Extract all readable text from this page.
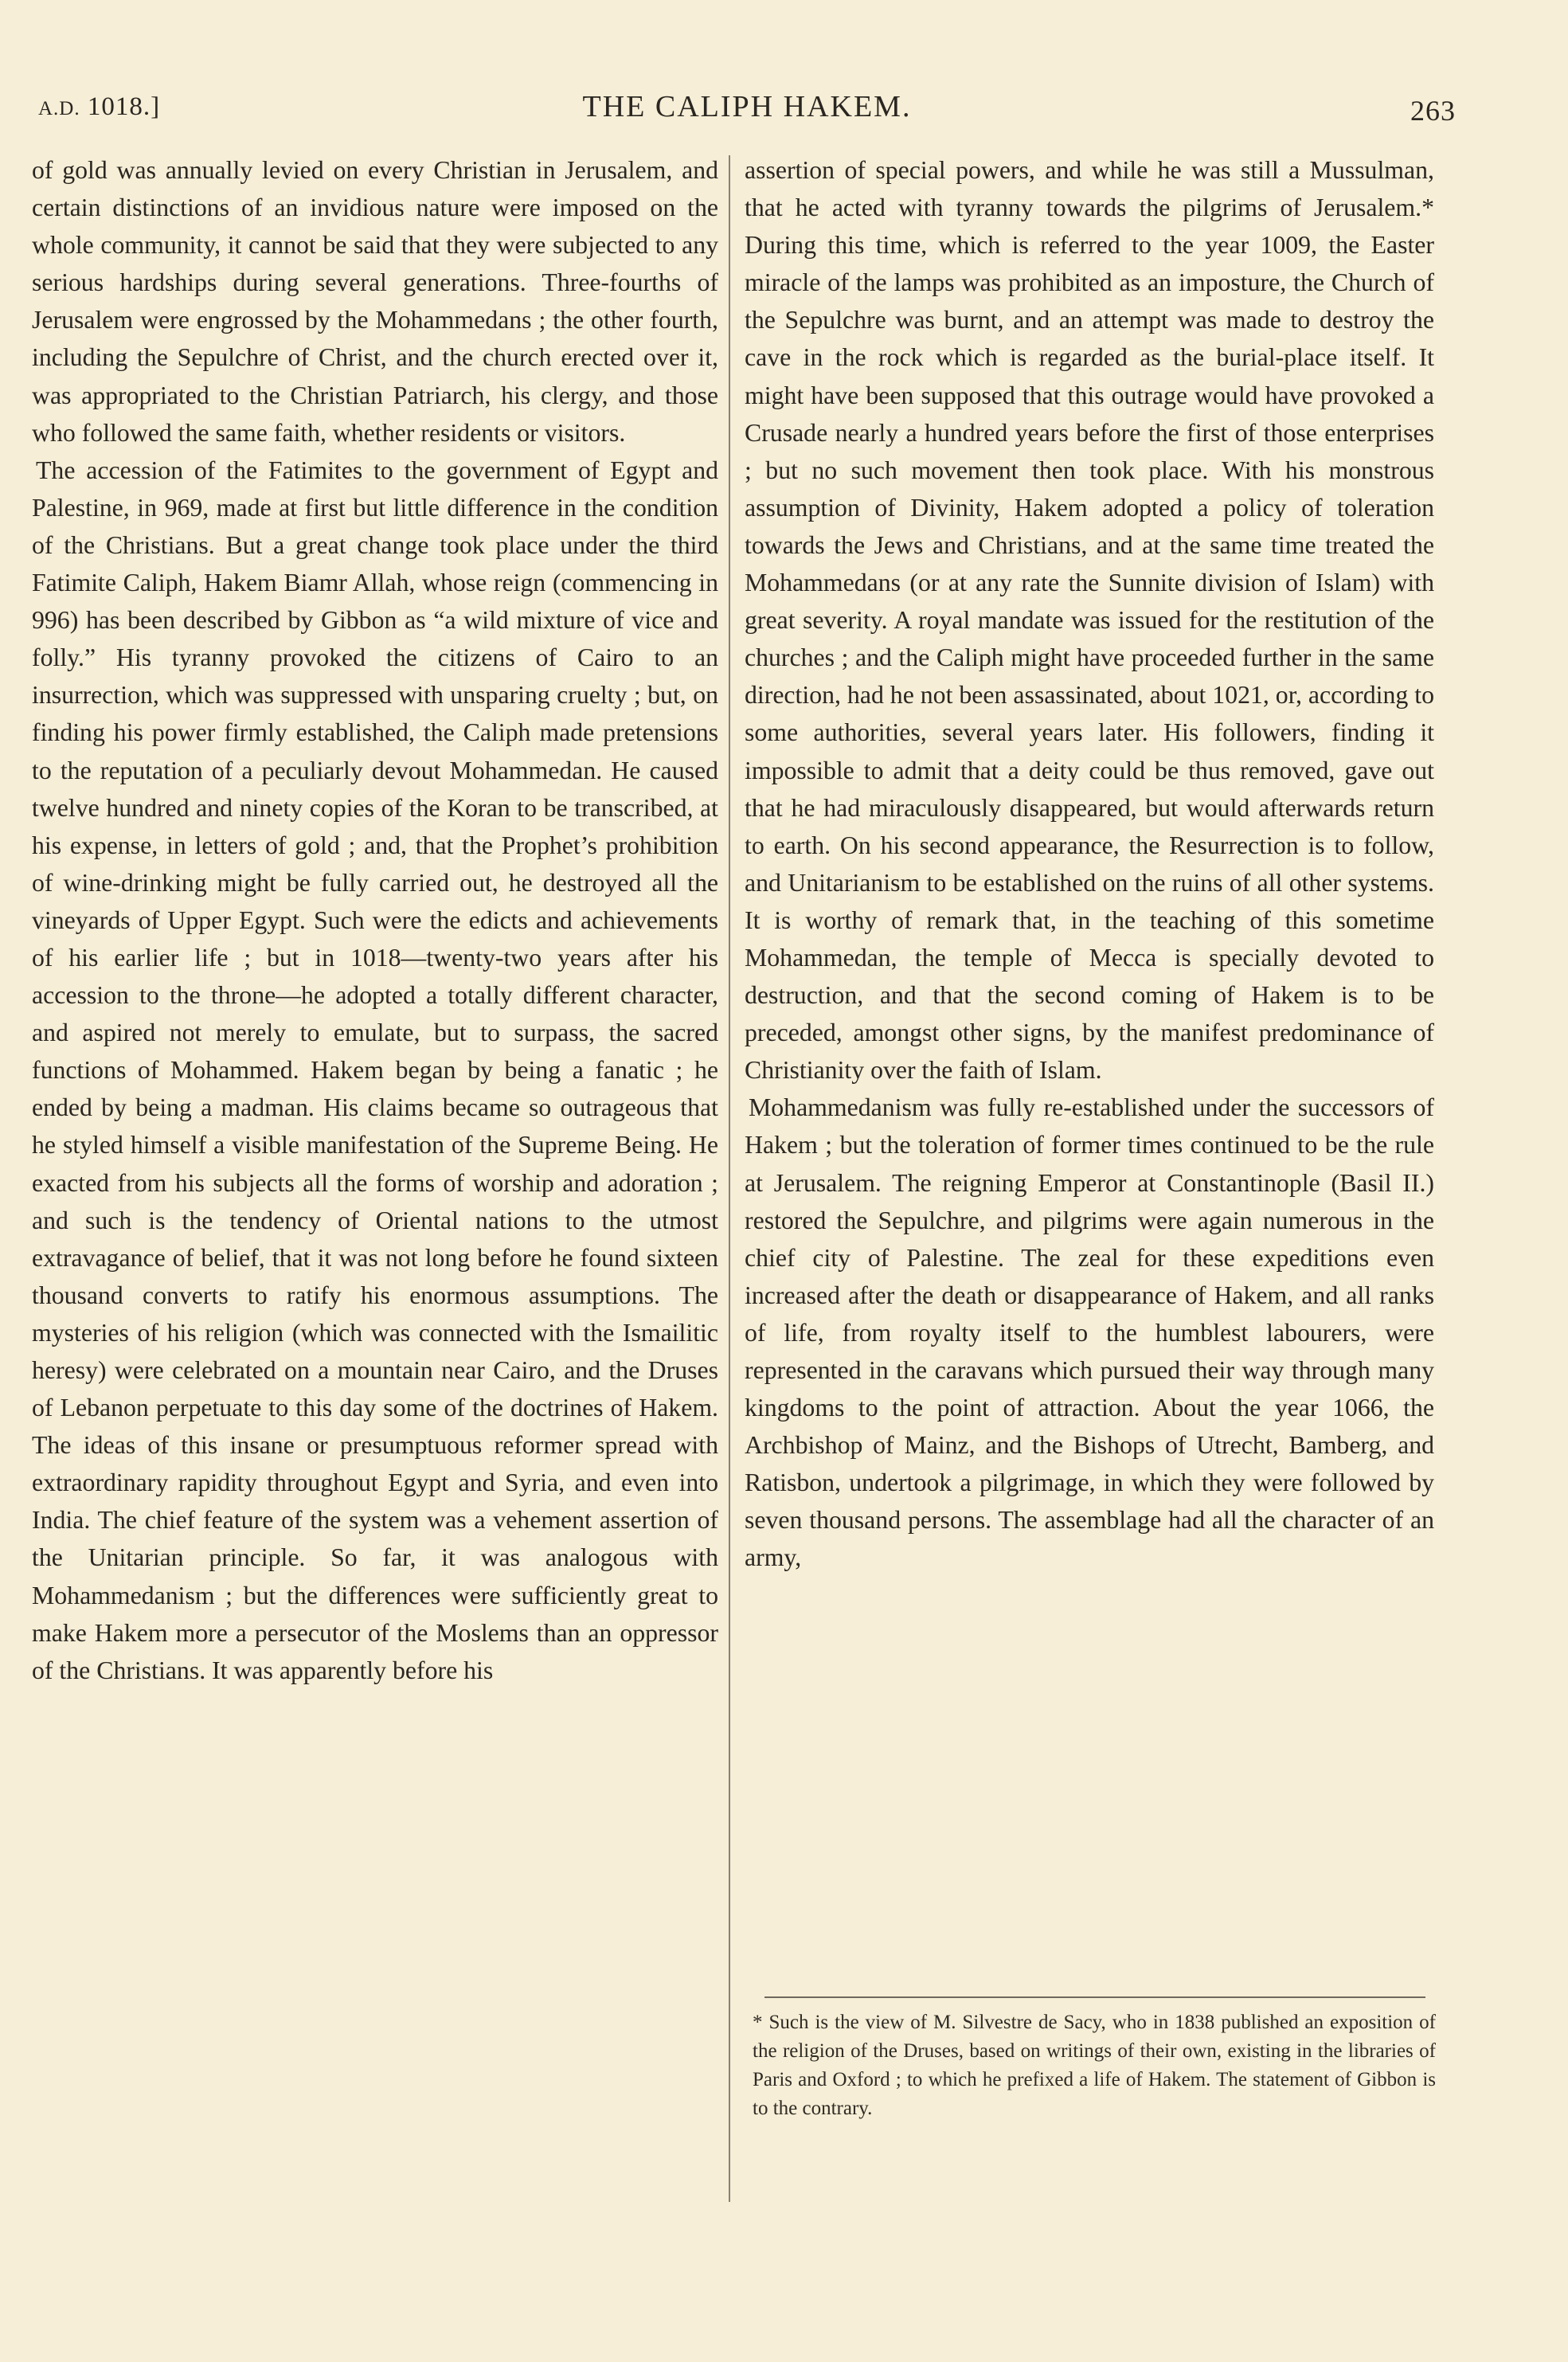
A.D. 1018.]	THE CALIPH HAKEM.	263

of gold was annually levied on every Christian in Jerusalem, and certain distinctions of an invidious nature were imposed on the whole community, it cannot be said that they were subjected to any serious hardships during several generations. Three-fourths of Jerusalem were engrossed by the Mohammedans ; the other fourth, including the Sepulchre of Christ, and the church erected over it, was appropriated to the Christian Patriarch, his clergy, and those who followed the same faith, whether residents or visitors.

The accession of the Fatimites to the government of Egypt and Palestine, in 969, made at first but little difference in the condition of the Christians. But a great change took place under the third Fatimite Caliph, Hakem Biamr Allah, whose reign (commencing in 996) has been described by Gibbon as “a wild mixture of vice and folly.” His tyranny provoked the citizens of Cairo to an insurrection, which was suppressed with unsparing cruelty ; but, on finding his power firmly established, the Caliph made pretensions to the reputation of a peculiarly devout Mohammedan. He caused twelve hundred and ninety copies of the Koran to be transcribed, at his expense, in letters of gold ; and, that the Prophet’s prohibition of wine-drinking might be fully carried out, he destroyed all the vineyards of Upper Egypt. Such were the edicts and achievements of his earlier life ; but in 1018—twenty-two years after his accession to the throne—he adopted a totally different character, and aspired not merely to emulate, but to surpass, the sacred functions of Mohammed. Hakem began by being a fanatic ; he ended by being a madman. His claims became so outrageous that he styled himself a visible manifestation of the Supreme Being. He exacted from his subjects all the forms of worship and adoration ; and such is the tendency of Oriental nations to the utmost extravagance of belief, that it was not long before he found sixteen thousand converts to ratify his enormous assumptions. The mysteries of his religion (which was connected with the Ismailitic heresy) were celebrated on a mountain near Cairo, and the Druses of Lebanon perpetuate to this day some of the doctrines of Hakem. The ideas of this insane or presumptuous reformer spread with extraordinary rapidity throughout Egypt and Syria, and even into India. The chief feature of the system was a vehement assertion of the Unitarian principle. So far, it was analogous with Mohammedanism ; but the differences were sufficiently great to make Hakem more a persecutor of the Moslems than an oppressor of the Christians. It was apparently before his

assertion of special powers, and while he was still a Mussulman, that he acted with tyranny towards the pilgrims of Jerusalem.* During this time, which is referred to the year 1009, the Easter miracle of the lamps was prohibited as an imposture, the Church of the Sepulchre was burnt, and an attempt was made to destroy the cave in the rock which is regarded as the burial-place itself. It might have been supposed that this outrage would have provoked a Crusade nearly a hundred years before the first of those enterprises ; but no such movement then took place. With his monstrous assumption of Divinity, Hakem adopted a policy of toleration towards the Jews and Christians, and at the same time treated the Mohammedans (or at any rate the Sunnite division of Islam) with great severity. A royal mandate was issued for the restitution of the churches ; and the Caliph might have proceeded further in the same direction, had he not been assassinated, about 1021, or, according to some authorities, several years later. His followers, finding it impossible to admit that a deity could be thus removed, gave out that he had miraculously disappeared, but would afterwards return to earth. On his second appearance, the Resurrection is to follow, and Unitarianism to be established on the ruins of all other systems. It is worthy of remark that, in the teaching of this sometime Mohammedan, the temple of Mecca is specially devoted to destruction, and that the second coming of Hakem is to be preceded, amongst other signs, by the manifest predominance of Christianity over the faith of Islam.

Mohammedanism was fully re-established under the successors of Hakem ; but the toleration of former times continued to be the rule at Jerusalem. The reigning Emperor at Constantinople (Basil II.) restored the Sepulchre, and pilgrims were again numerous in the chief city of Palestine. The zeal for these expeditions even increased after the death or disappearance of Hakem, and all ranks of life, from royalty itself to the humblest labourers, were represented in the caravans which pursued their way through many kingdoms to the point of attraction. About the year 1066, the Archbishop of Mainz, and the Bishops of Utrecht, Bamberg, and Ratisbon, undertook a pilgrimage, in which they were followed by seven thousand persons. The assemblage had all the character of an army,

* Such is the view of M. Silvestre de Sacy, who in 1838 published an exposition of the religion of the Druses, based on writings of their own, existing in the libraries of Paris and Oxford ; to which he prefixed a life of Hakem. The statement of Gibbon is to the contrary.
